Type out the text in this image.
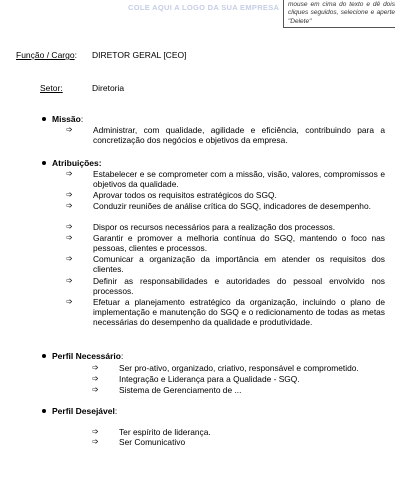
COLE AQUI A LOGO DA SUA EMPRESA	mouse em cima do texto e dê dois cliques seguidos, selecione e aperte "Delete"
Função / Cargo: DIRETOR GERAL [CEO]
Setor:	Diretoria
Missão:
➩ Administrar, com qualidade, agilidade e eficiência, contribuindo para a concretização dos negócios e objetivos da empresa.
Atribuições:
➩ Estabelecer e se comprometer com a missão, visão, valores, compromissos e objetivos da qualidade.
➩ Aprovar todos os requisitos estratégicos do SGQ.
➩ Conduzir reuniões de análise crítica do SGQ, indicadores de desempenho.
➩ Dispor os recursos necessários para a realização dos processos.
➩ Garantir e promover a melhoria contínua do SGQ, mantendo o foco nas pessoas, clientes e processos.
➩ Comunicar a organização da importância em atender os requisitos dos clientes.
➩ Definir as responsabilidades e autoridades do pessoal envolvido nos processos.
➩ Efetuar a planejamento estratégico da organização, incluindo o plano de implementação e manutenção do SGQ e o redicionamento de todas as metas necessárias do desempenho da qualidade e produtividade.
Perfil Necessário:
➩ Ser pro-ativo, organizado, criativo, responsável e comprometido.
➩ Integração e Liderança para a Qualidade - SGQ.
➩ Sistema de Gerenciamento de ...
Perfil Desejável:
➩ Ter espírito de liderança.
➩ Ser Comunicativo
